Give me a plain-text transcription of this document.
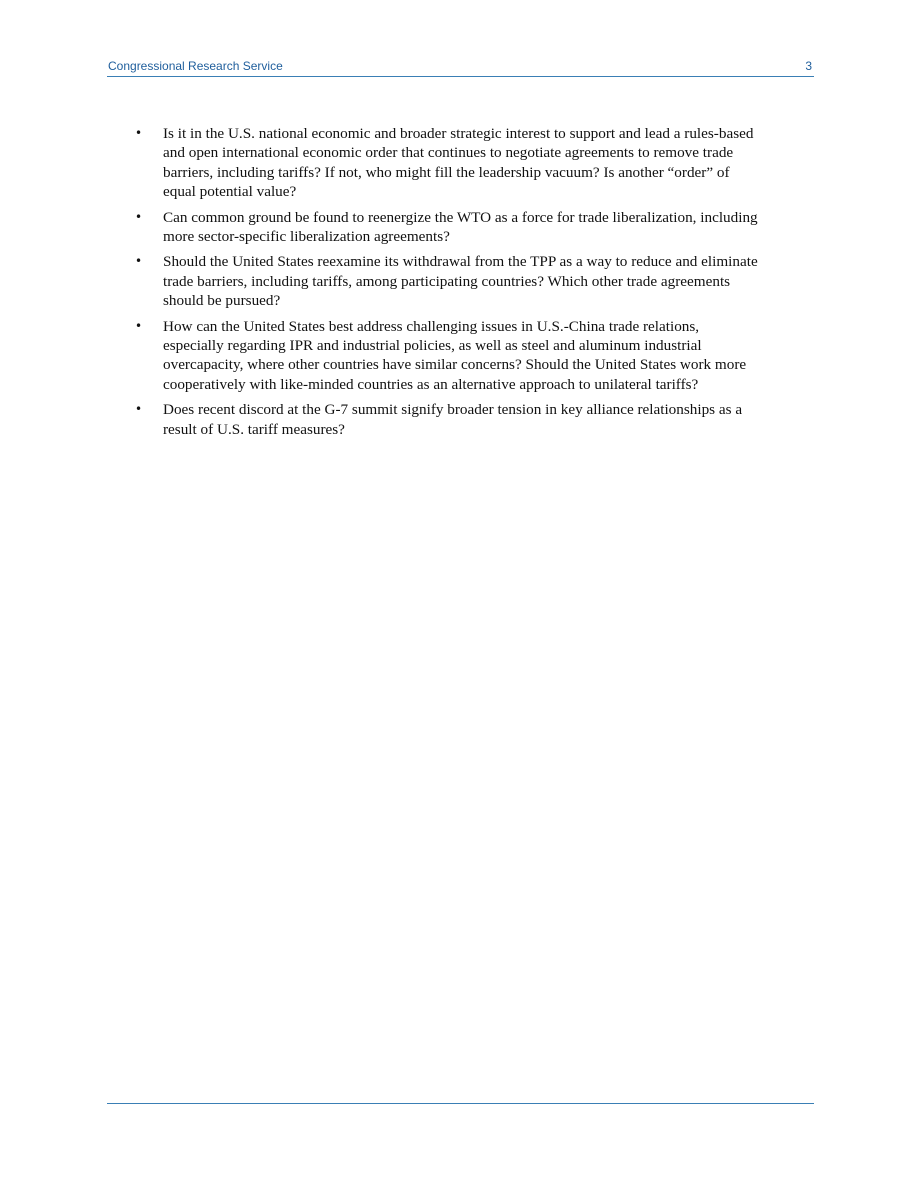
Congressional Research Service	3
• Is it in the U.S. national economic and broader strategic interest to support and lead a rules-based and open international economic order that continues to negotiate agreements to remove trade barriers, including tariffs? If not, who might fill the leadership vacuum? Is another “order” of equal potential value?
• Can common ground be found to reenergize the WTO as a force for trade liberalization, including more sector-specific liberalization agreements?
• Should the United States reexamine its withdrawal from the TPP as a way to reduce and eliminate trade barriers, including tariffs, among participating countries? Which other trade agreements should be pursued?
• How can the United States best address challenging issues in U.S.-China trade relations, especially regarding IPR and industrial policies, as well as steel and aluminum industrial overcapacity, where other countries have similar concerns? Should the United States work more cooperatively with like-minded countries as an alternative approach to unilateral tariffs?
• Does recent discord at the G-7 summit signify broader tension in key alliance relationships as a result of U.S. tariff measures?
